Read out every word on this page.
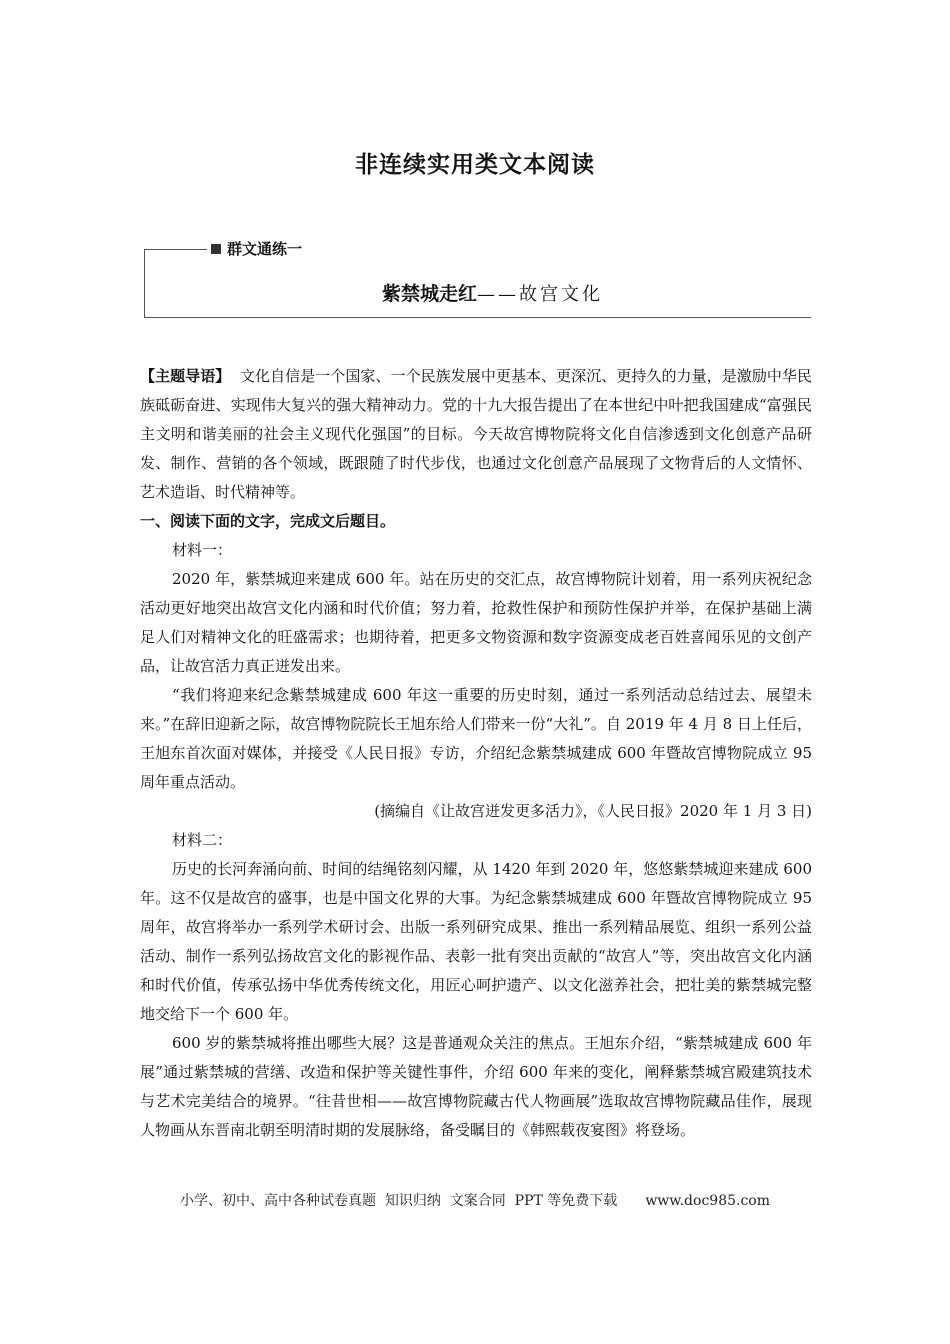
非连续实用类文本阅读
群文通练一
紫禁城走红——故宫文化

【主题导语】 文化自信是一个国家、一个民族发展中更基本、更深沉、更持久的力量，是激励中华民族砥砺奋进、实现伟大复兴的强大精神动力。党的十九大报告提出了在本世纪中叶把我国建成“富强民主文明和谐美丽的社会主义现代化强国”的目标。今天故宫博物院将文化自信渗透到文化创意产品研发、制作、营销的各个领域，既跟随了时代步伐，也通过文化创意产品展现了文物背后的人文情怀、艺术造诣、时代精神等。

一、阅读下面的文字，完成文后题目。

材料一：

2020 年，紫禁城迎来建成 600 年。站在历史的交汇点，故宫博物院计划着，用一系列庆祝纪念活动更好地突出故宫文化内涵和时代价值；努力着，抢救性保护和预防性保护并举，在保护基础上满足人们对精神文化的旺盛需求；也期待着，把更多文物资源和数字资源变成老百姓喜闻乐见的文创产品，让故宫活力真正迸发出来。

“我们将迎来纪念紫禁城建成 600 年这一重要的历史时刻，通过一系列活动总结过去、展望未来。”在辞旧迎新之际，故宫博物院院长王旭东给人们带来一份“大礼”。自 2019 年 4 月 8 日上任后，王旭东首次面对媒体，并接受《人民日报》专访，介绍纪念紫禁城建成 600 年暨故宫博物院成立 95 周年重点活动。

(摘编自《让故宫迸发更多活力》，《人民日报》2020 年 1 月 3 日)

材料二：

历史的长河奔涌向前、时间的结绳铭刻闪耀，从 1420 年到 2020 年，悠悠紫禁城迎来建成 600 年。这不仅是故宫的盛事，也是中国文化界的大事。为纪念紫禁城建成 600 年暨故宫博物院成立 95 周年，故宫将举办一系列学术研讨会、出版一系列研究成果、推出一系列精品展览、组织一系列公益活动、制作一系列弘扬故宫文化的影视作品、表彰一批有突出贡献的“故宫人”等，突出故宫文化内涵和时代价值，传承弘扬中华优秀传统文化，用匠心呵护遗产、以文化滋养社会，把壮美的紫禁城完整地交给下一个 600 年。

600 岁的紫禁城将推出哪些大展？这是普通观众关注的焦点。王旭东介绍，“紫禁城建成 600 年展”通过紫禁城的营缮、改造和保护等关键性事件，介绍 600 年来的变化，阐释紫禁城宫殿建筑技术与艺术完美结合的境界。“往昔世相——故宫博物院藏古代人物画展”选取故宫博物院藏品佳作，展现人物画从东晋南北朝至明清时期的发展脉络，备受瞩目的《韩熙载夜宴图》将登场。

小学、初中、高中各种试卷真题  知识归纳  文案合同  PPT 等免费下载 www.doc985.com
